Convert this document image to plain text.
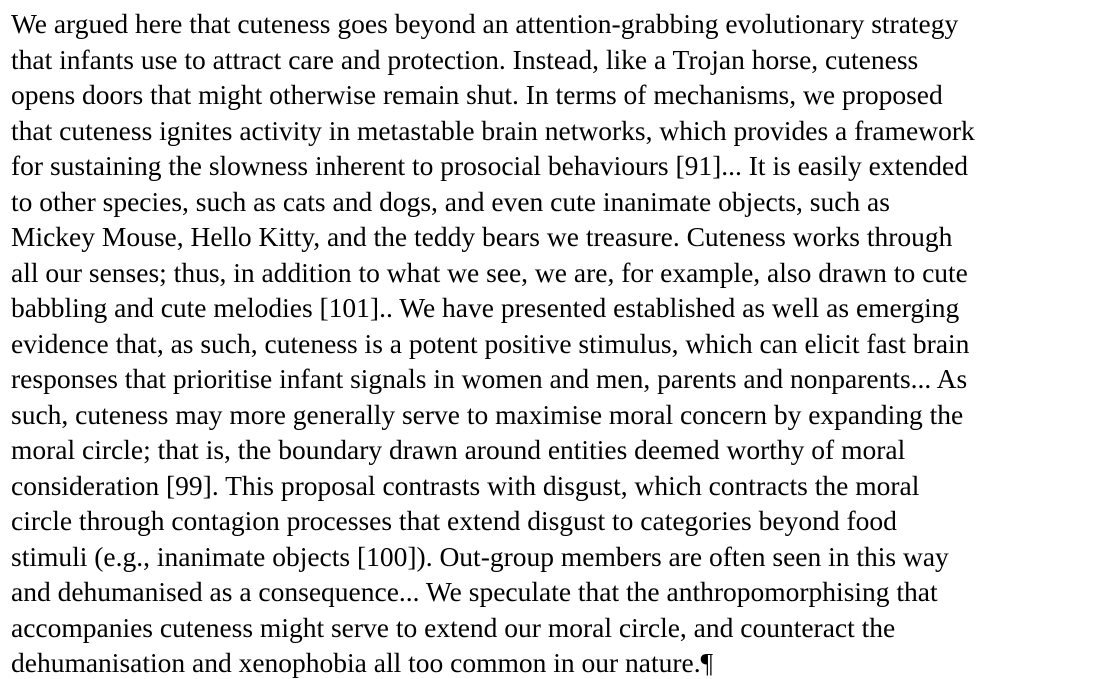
We argued here that cuteness goes beyond an attention-grabbing evolutionary strategy
that infants use to attract care and protection. Instead, like a Trojan horse, cuteness
opens doors that might otherwise remain shut. In terms of mechanisms, we proposed
that cuteness ignites activity in metastable brain networks, which provides a framework
for sustaining the slowness inherent to prosocial behaviours [91]... It is easily extended
to other species, such as cats and dogs, and even cute inanimate objects, such as
Mickey Mouse, Hello Kitty, and the teddy bears we treasure. Cuteness works through
all our senses; thus, in addition to what we see, we are, for example, also drawn to cute
babbling and cute melodies [101].. We have presented established as well as emerging
evidence that, as such, cuteness is a potent positive stimulus, which can elicit fast brain
responses that prioritise infant signals in women and men, parents and nonparents... As
such, cuteness may more generally serve to maximise moral concern by expanding the
moral circle; that is, the boundary drawn around entities deemed worthy of moral
consideration [99]. This proposal contrasts with disgust, which contracts the moral
circle through contagion processes that extend disgust to categories beyond food
stimuli (e.g., inanimate objects [100]). Out-group members are often seen in this way
and dehumanised as a consequence... We speculate that the anthropomorphising that
accompanies cuteness might serve to extend our moral circle, and counteract the
dehumanisation and xenophobia all too common in our nature.¶
